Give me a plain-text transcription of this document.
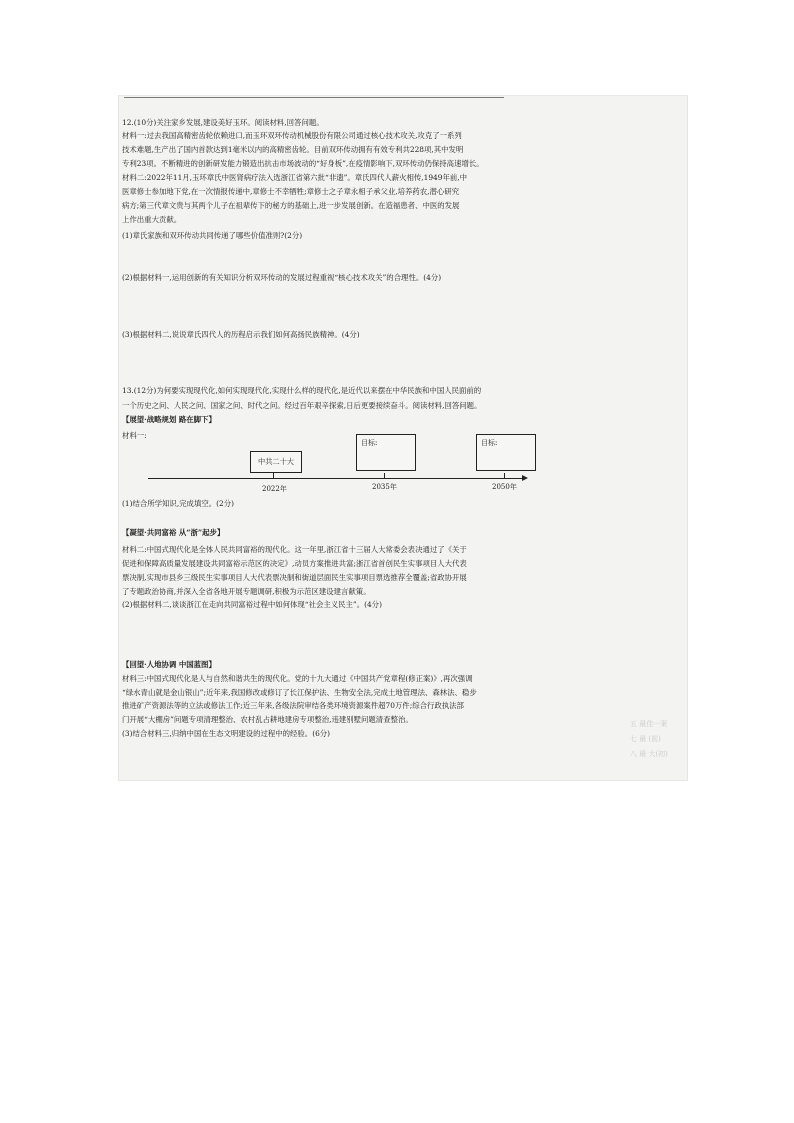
12.(10分)关注家乡发展,建设美好玉环。阅读材料,回答问题。
材料一:过去我国高精密齿轮依赖进口,而玉环双环传动机械股份有限公司通过核心技术攻关,攻克了一系列
技术难题,生产出了国内首款达到1毫米以内的高精密齿轮。目前双环传动拥有有效专利共228项,其中发明
专利23项。不断精进的创新研发能力锻造出抗击市场波动的“好身板”,在疫情影响下,双环传动仍保持高速增长。
材料二:2022年11月,玉环章氏中医肾病疗法入选浙江省第六批“非遗”。章氏四代人薪火相传,1949年前,中
医章修士参加地下党,在一次情报传递中,章修士不幸牺牲;章修士之子章永相子承父业,培养药农,潜心研究
病方;第三代章文贵与其两个儿子在祖辈传下的秘方的基础上,进一步发展创新。在造福患者、中医的发展
上作出重大贡献。
(1)章氏家族和双环传动共同传递了哪些价值准则?(2分)
(2)根据材料一,运用创新的有关知识分析双环传动的发展过程重视“核心技术攻关”的合理性。(4分)
(3)根据材料二,说说章氏四代人的历程启示我们如何高扬民族精神。(4分)
13.(12分)为何要实现现代化,如何实现现代化,实现什么样的现代化,是近代以来摆在中华民族和中国人民面前的
一个历史之问、人民之问、国家之问、时代之问。经过百年艰辛探索,日后更要接续奋斗。阅读材料,回答问题。
【展望·战略规划 路在脚下】
材料一:
中共二十大
目标:	目标:
2022年	2035年	2050年
(1)结合所学知识,完成填空。(2分)
【凝望·共同富裕 从“浙”起步】
材料二:中国式现代化是全体人民共同富裕的现代化。这一年里,浙江省十三届人大常委会表决通过了《关于
促进和保障高质量发展建设共同富裕示范区的决定》,动员方案推进共富;浙江省首创民生实事项目人大代表
票决制,实现市县乡三级民生实事项目人大代表票决制和街道层面民生实事项目票选推荐全覆盖;省政协开展
了专题政治协商,并深入全省各地开展专题调研,积极为示范区建设建言献策。
(2)根据材料二,谈谈浙江在走向共同富裕过程中如何体现“社会主义民主”。(4分)
【回望·人地协调 中国蓝图】
材料三:中国式现代化是人与自然和谐共生的现代化。党的十九大通过《中国共产党章程(修正案)》,再次强调
“绿水青山就是金山银山”;近年来,我国修改或修订了长江保护法、生物安全法,完成土地管理法、森林法、稳步
推进矿产资源法等的立法或修法工作;近三年来,各级法院审结各类环境资源案件超70万件;综合行政执法部
门开展“大棚房”问题专项清理整治、农村乱占耕地建房专项整治,违建别墅问题清查整治。
(3)结合材料三,归纳中国在生态文明建设的过程中的经验。(6分)
五 最佳一案
七 最 (前)
八 最 大(初)
